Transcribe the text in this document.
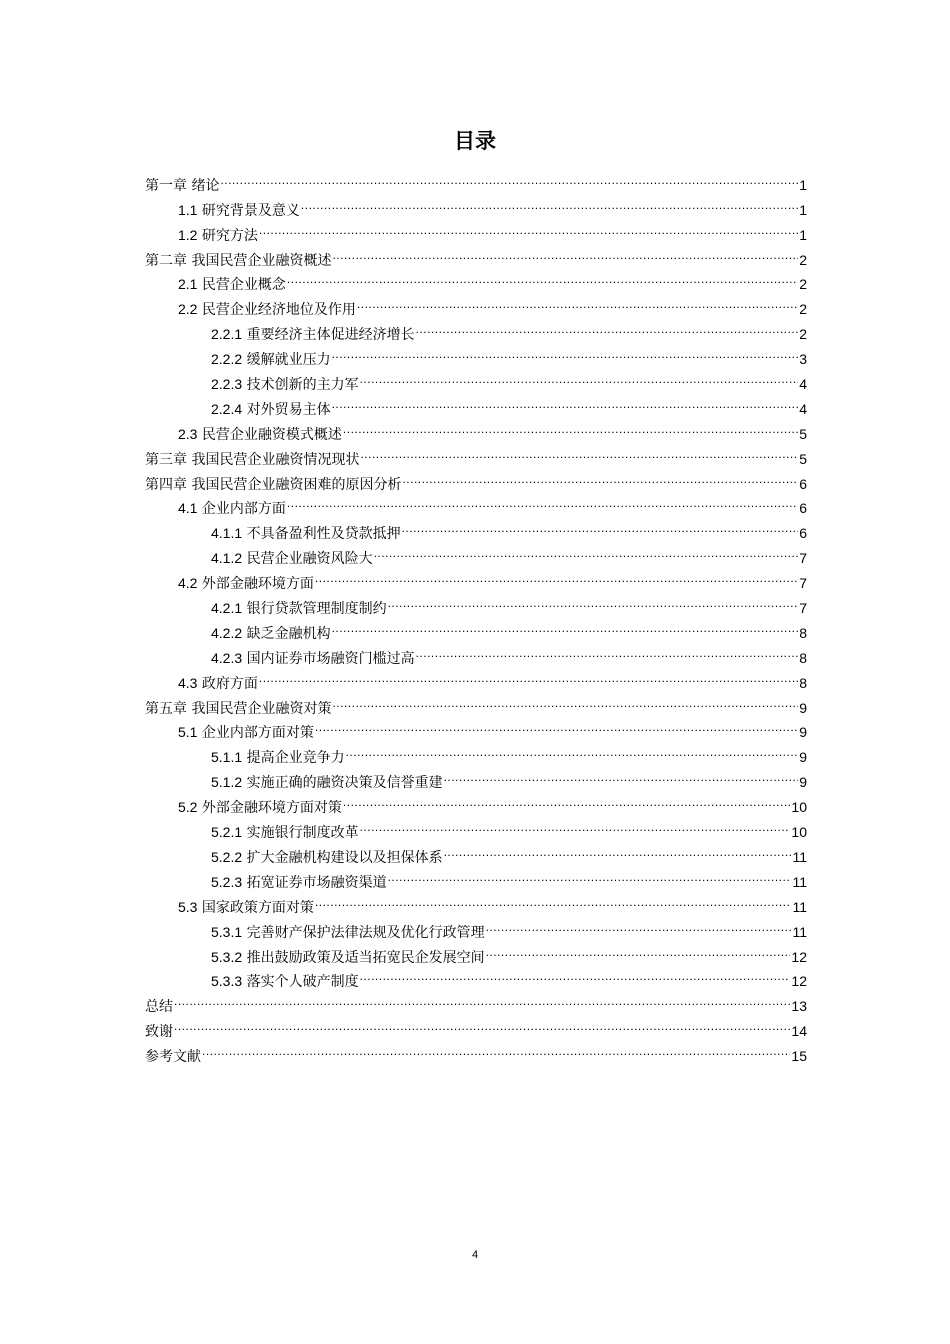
目录
第一章 绪论 .....	1
1.1 研究背景及意义 .....	1
1.2 研究方法 .....	1
第二章 我国民营企业融资概述 .....	2
2.1 民营企业概念 .....	2
2.2 民营企业经济地位及作用 .....	2
2.2.1 重要经济主体促进经济增长 .....	2
2.2.2 缓解就业压力 .....	3
2.2.3 技术创新的主力军 .....	4
2.2.4 对外贸易主体 .....	4
2.3 民营企业融资模式概述 .....	5
第三章 我国民营企业融资情况现状 .....	5
第四章 我国民营企业融资困难的原因分析 .....	6
4.1 企业内部方面 .....	6
4.1.1 不具备盈利性及贷款抵押 .....	6
4.1.2 民营企业融资风险大 .....	7
4.2 外部金融环境方面 .....	7
4.2.1 银行贷款管理制度制约 .....	7
4.2.2 缺乏金融机构 .....	8
4.2.3 国内证券市场融资门槛过高 .....	8
4.3 政府方面 .....	8
第五章 我国民营企业融资对策 .....	9
5.1 企业内部方面对策 .....	9
5.1.1 提高企业竞争力 .....	9
5.1.2 实施正确的融资决策及信誉重建 .....	9
5.2 外部金融环境方面对策 .....	10
5.2.1 实施银行制度改革 .....	10
5.2.2 扩大金融机构建设以及担保体系 .....	11
5.2.3 拓宽证券市场融资渠道 .....	11
5.3 国家政策方面对策 .....	11
5.3.1 完善财产保护法律法规及优化行政管理 .....	11
5.3.2 推出鼓励政策及适当拓宽民企发展空间 .....	12
5.3.3 落实个人破产制度 .....	12
总结 .....	13
致谢 .....	14
参考文献 .....	15
4
